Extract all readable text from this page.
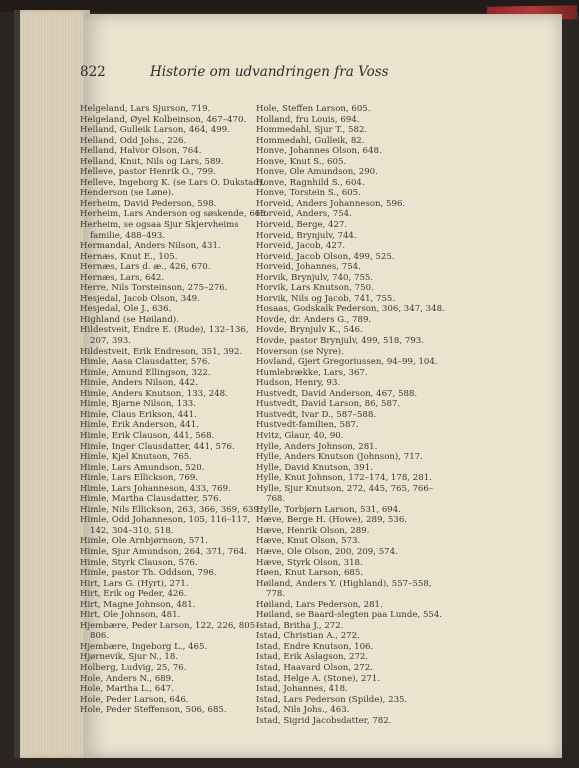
822	Historie om udvandringen fra Voss
Helgeland, Lars Sjurson, 719.
Helgeland, Øyel Kolbeinson, 467–470.
Helland, Gulleik Larson, 464, 499.
Helland, Odd Johs., 226.
Helland, Halvor Olson, 764.
Helland, Knut, Nils og Lars, 589.
Helleve, pastor Henrik O., 799.
Helleve, Ingeborg K. (se Lars O. Dukstad).
Henderson (se Løne).
Herheim, David Pederson, 598.
Herheim, Lars Anderson og søskende, 663.
Herheim, se ogsaa Sjur Skjervheims familie, 488–493.
Hermandal, Anders Nilson, 431.
Hernæs, Knut E., 105.
Hernæs, Lars d. æ., 426, 670.
Hernæs, Lars, 642.
Herre, Nils Torsteinson, 275–276.
Hesjedal, Jacob Olson, 349.
Hesjedal, Ole J., 636.
Highland (se Høiland).
Hildestveit, Endre E. (Rude), 132–136, 207, 393.
Hildestveit, Erik Endreson, 351, 392.
Himle, Aasa Clausdatter, 576.
Himle, Amund Ellingson, 322.
Himle, Anders Nilson, 442.
Himle, Anders Knutson, 133, 248.
Himle, Bjarne Nilson, 133.
Himle, Claus Erikson, 441.
Himle, Erik Anderson, 441.
Himle, Erik Clauson, 441, 568.
Himle, Inger Clausdatter, 441, 576.
Himle, Kjel Knutson, 765.
Himle, Lars Amundson, 520.
Himle, Lars Ellickson, 769.
Himle, Lars Johanneson, 433, 769.
Himle, Martha Clausdatter, 576.
Himle, Nils Ellickson, 263, 366, 369, 639.
Himle, Odd Johanneson, 105, 116–117, 142, 304–310, 518.
Himle, Ole Arnbjørnson, 571.
Himle, Sjur Amundson, 264, 371, 764.
Himle, Styrk Clauson, 576.
Himle, pastor Th. Oddson, 796.
Hirt, Lars G. (Hyrt), 271.
Hirt, Erik og Peder, 426.
Hirt, Magne Johnson, 481.
Hirt, Ole Johnson, 481.
Hjembære, Peder Larson, 122, 226, 805–806.
Hjembære, Ingeborg L., 465.
Hjørnevik, Sjur N., 18.
Holberg, Ludvig, 25, 76.
Hole, Anders N., 689.
Hole, Martha L., 647.
Hole, Peder Larson, 646.
Hole, Peder Steffenson, 506, 685.
Hole, Steffen Larson, 605.
Holland, fru Louis, 694.
Hommedahl, Sjur T., 582.
Hommedahl, Gulleik, 82.
Honve, Johannes Olson, 648.
Honve, Knut S., 605.
Honve, Ole Amundson, 290.
Honve, Ragnhild S., 604.
Honve, Torstein S., 605.
Horveid, Anders Johanneson, 596.
Horveid, Anders, 754.
Horveid, Berge, 427.
Horveid, Brynjulv, 744.
Horveid, Jacob, 427.
Horveid, Jacob Olson, 499, 525.
Horveid, Johannes, 754.
Horvik, Brynjulv, 740, 755.
Horvik, Lars Knutson, 750.
Horvik, Nils og Jacob, 741, 755.
Hosaas, Godskalk Pederson, 306, 347, 348.
Hovde, dr. Anders G., 789.
Hovde, Brynjulv K., 546.
Hovde, pastor Brynjulv, 499, 518, 793.
Hoverson (se Nyre).
Hovland, Gjert Gregoriussen, 94–99, 104.
Humlebrække, Lars, 367.
Hudson, Henry, 93.
Hustvedt, David Anderson, 467, 588.
Hustvedt, David Larson, 86, 587.
Hustvedt, Ivar D., 587–588.
Hustvedt-familien, 587.
Hvitz, Glaur, 40, 90.
Hylle, Anders Johnson, 281.
Hylle, Anders Knutson (Johnson), 717.
Hylle, David Knutson, 391.
Hylle, Knut Johnson, 172–174, 178, 281.
Hylle, Sjur Knutson, 272, 445, 765, 766–768.
Hylle, Torbjørn Larson, 531, 694.
Hæve, Berge H. (Howe), 289, 536.
Hæve, Henrik Olson, 289.
Hæve, Knut Olson, 573.
Hæve, Ole Olson, 200, 209, 574.
Hæve, Styrk Olson, 318.
Høen, Knut Larson, 685.
Høiland, Anders Y. (Highland), 557–558, 778.
Høiland, Lars Pederson, 281.
Høiland, se Baard-slegten paa Lunde, 554.
Istad, Britha J., 272.
Istad, Christian A., 272.
Istad, Endre Knutson, 106.
Istad, Erik Aslagson, 272.
Istad, Haavard Olson, 272.
Istad, Helge A. (Stone), 271.
Istad, Johannes, 418.
Istad, Lars Pederson (Spilde), 235.
Istad, Nils Johs., 463.
Istad, Sigrid Jacobsdatter, 782.
